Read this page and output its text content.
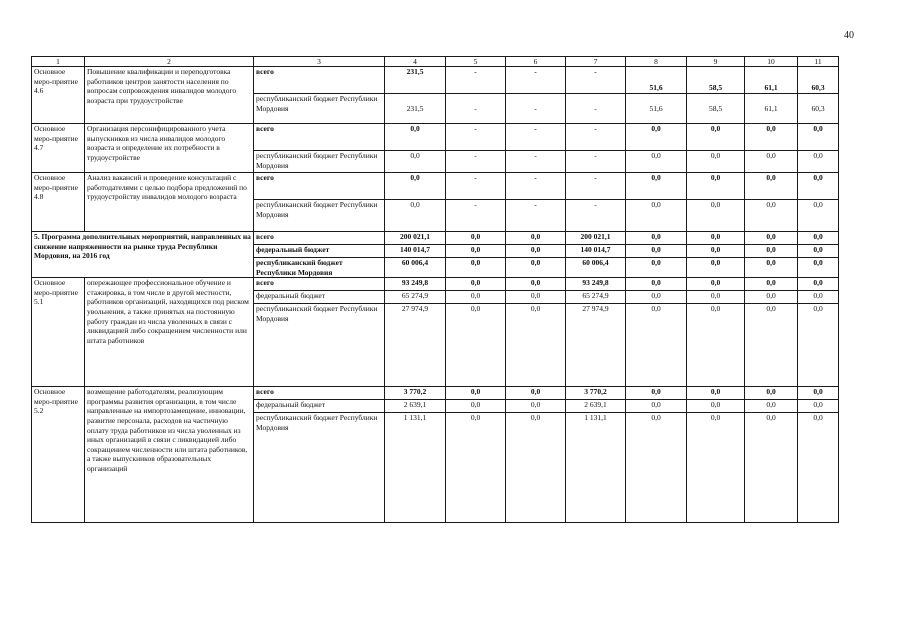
40
1	2	3	4	5	6	7	8	9	10	11
Основное меро-приятие 4.6	Повышение квалификации и переподготовка работников центров занятости населения по вопросам сопровождения инвалидов молодого возраста при трудоустройстве	всего	231,5	-	-	-	51,6	58,5	61,1	60,3
		республиканский бюджет Республики Мордовия	231,5	-	-	-	51,6	58,5	61,1	60,3
Основное меро-приятие 4.7	Организация персонифицированного учета выпускников из числа инвалидов молодого возраста и определение их потребности в трудоустройстве	всего	0,0	-	-	-	0,0	0,0	0,0	0,0
		республиканский бюджет Республики Мордовия	0,0	-	-	-	0,0	0,0	0,0	0,0
Основное меро-приятие 4.8	Анализ вакансий и проведение консультаций с работодателями с целью подбора предложений по трудоустройству инвалидов молодого возраста	всего	0,0	-	-	-	0,0	0,0	0,0	0,0
		республиканский бюджет Республики Мордовия	0,0	-	-	-	0,0	0,0	0,0	0,0
5. Программа дополнительных мероприятий, направленных на снижение напряженности на рынке труда Республики Мордовия, на 2016 год		всего	200 021,1	0,0	0,0	200 021,1	0,0	0,0	0,0	0,0
		федеральный бюджет	140 014,7	0,0	0,0	140 014,7	0,0	0,0	0,0	0,0
		республиканский бюджет Республики Мордовия	60 006,4	0,0	0,0	60 006,4	0,0	0,0	0,0	0,0
Основное меро-приятие 5.1	опережающее профессиональное обучение и стажировка, в том числе в другой местности, работников организаций, находящихся под риском увольнения, а также принятых на постоянную работу граждан из числа уволенных в связи с ликвидацией либо сокращением численности или штата работников	всего	93 249,8	0,0	0,0	93 249,8	0,0	0,0	0,0	0,0
		федеральный бюджет	65 274,9	0,0	0,0	65 274,9	0,0	0,0	0,0	0,0
		республиканский бюджет Республики Мордовия	27 974,9	0,0	0,0	27 974,9	0,0	0,0	0,0	0,0
Основное меро-приятие 5.2	возмещение работодателям, реализующим программы развития организации, в том числе направленные на импортозамещение, инновации, развитие персонала, расходов на частичную оплату труда работников из числа уволенных из иных организаций в связи с ликвидацией либо сокращением численности или штата работников, а также выпускников образовательных организаций	всего	3 770,2	0,0	0,0	3 770,2	0,0	0,0	0,0	0,0
		федеральный бюджет	2 639,1	0,0	0,0	2 639,1	0,0	0,0	0,0	0,0
		республиканский бюджет Республики Мордовия	1 131,1	0,0	0,0	1 131,1	0,0	0,0	0,0	0,0
